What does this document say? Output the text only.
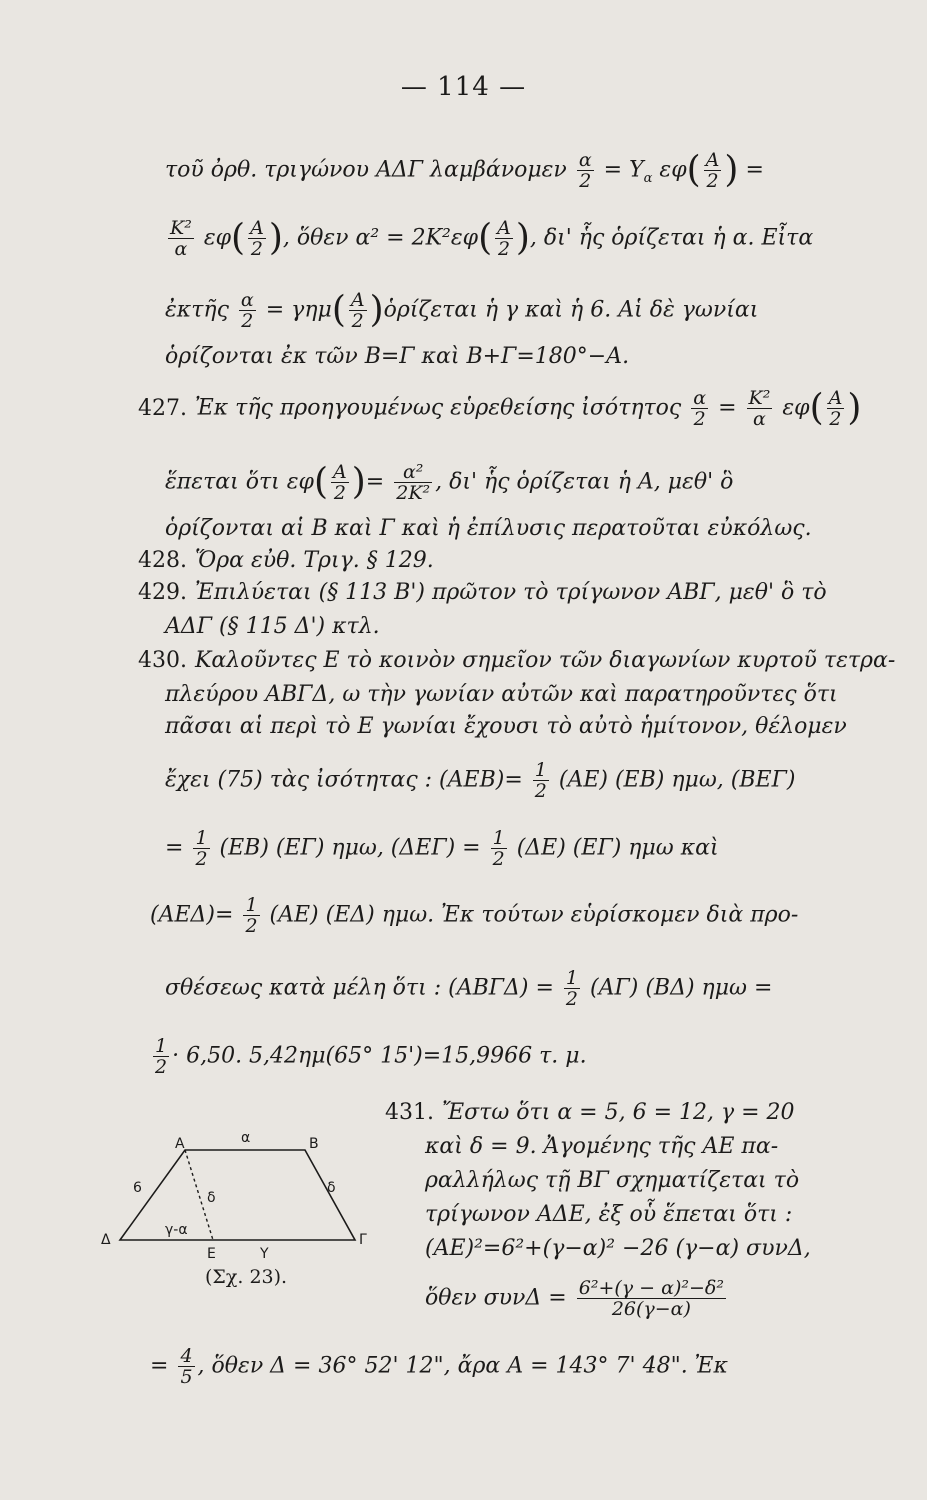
— 114 —
τοῦ ὀρθ. τριγώνου ΑΔΓ λαμβάνομεν $\frac{\alpha}{2} = \Upsilon_\alpha$ $\varepsilon\varphi( \frac{A}{2}$ ) =
$\frac{\text{Κ²}}{\alpha} \varepsilon\varphi( \frac{A}{2}$ ), ὅθεν $\alpha^2 = 2K^2\varepsilon\varphi( \frac{A}{2}$ ), δι' ἧς ὁρίζεται ἡ α. Εἶτα
ἐκτῆς $\frac{\alpha}{2} = \gamma\eta\mu( \frac{A}{2}$ )ὁρίζεται ἡ γ καὶ ἡ 6. Αἱ δὲ γωνίαι
ὁρίζονται ἐκ τῶν Β=Γ καὶ Β+Γ=180°−Α.
427. Ἐκ τῆς προηγουμένως εὑρεθείσης ἰσότητος $\frac{\alpha}{2} = \frac{\text{Κ²}}{\alpha} \varepsilon\varphi( \frac{A}{2}$ )
ἕπεται ὅτι $\varepsilon\varphi( \frac{A}{2}$ )= $\frac{\text{α²}}{\text{2Κ²}}$ , δι' ἧς ὁρίζεται ἡ Α, μεθ' ὃ
ὁρίζονται αἱ Β καὶ Γ καὶ ἡ ἐπίλυσις περατοῦται εὐκόλως.
428. Ὅρα εὐθ. Τριγ. § 129.
429. Ἐπιλύεται (§ 113 Β') πρῶτον τὸ τρίγωνον ΑΒΓ, μεθ' ὃ τὸ
ΑΔΓ (§ 115 Δ') κτλ.
430. Καλοῦντες Ε τὸ κοινὸν σημεῖον τῶν διαγωνίων κυρτοῦ τετρα-
πλεύρου ΑΒΓΔ, ω τὴν γωνίαν αὐτῶν καὶ παρατηροῦντες ὅτι
πᾶσαι αἱ περὶ τὸ Ε γωνίαι ἔχουσι τὸ αὐτὸ ἡμίτονον, θέλομεν
ἔχει (75) τὰς ἰσότητας : $(AEB)= \frac{1}{2} (AE)$ (ΕΒ) ημω, (ΒΕΓ)
= $\frac{1}{2} (EB)$ (ΕΓ) ημω, $(\Delta E\Gamma) = \frac{1}{2} (\Delta E)$ (ΕΓ) ημω καὶ
$(AE\Delta)= \frac{1}{2} (AE)$ (ΕΔ) ημω. Ἐκ τούτων εὑρίσκομεν διὰ προ-
σθέσεως κατὰ μέλη ὅτι : $(AB\Gamma\Delta) = \frac{1}{2} (A\Gamma)$ (ΒΔ) ημω =
$\frac{1}{2} \cdot 6,50$. 5,42ημ(65° 15')=15,9966 τ. μ.
431. Ἔστω ὅτι α = 5, 6 = 12, γ = 20
καὶ δ = 9. Ἀγομένης τῆς ΑΕ πα-
ραλλήλως τῇ ΒΓ σχηματίζεται τὸ
τρίγωνον ΑΔΕ, ἐξ οὗ ἕπεται ὅτι :
(ΑΕ)²=6²+(γ−α)² −26 (γ−α) συνΔ,
ὅθεν $\sigma\upsilon\nu\Delta = \frac{\text{6²+(γ − α)²−δ²}}{26(\gamma-\alpha)}$
= $\frac{4}{5}$ , ὅθεν Δ = 36° 52' 12", ἄρα Α = 143° 7' 48". Ἐκ
Α	Β
Γ
Δ
Ε	Υ
α
6
δ
δ
γ-α
(Σχ. 23).
